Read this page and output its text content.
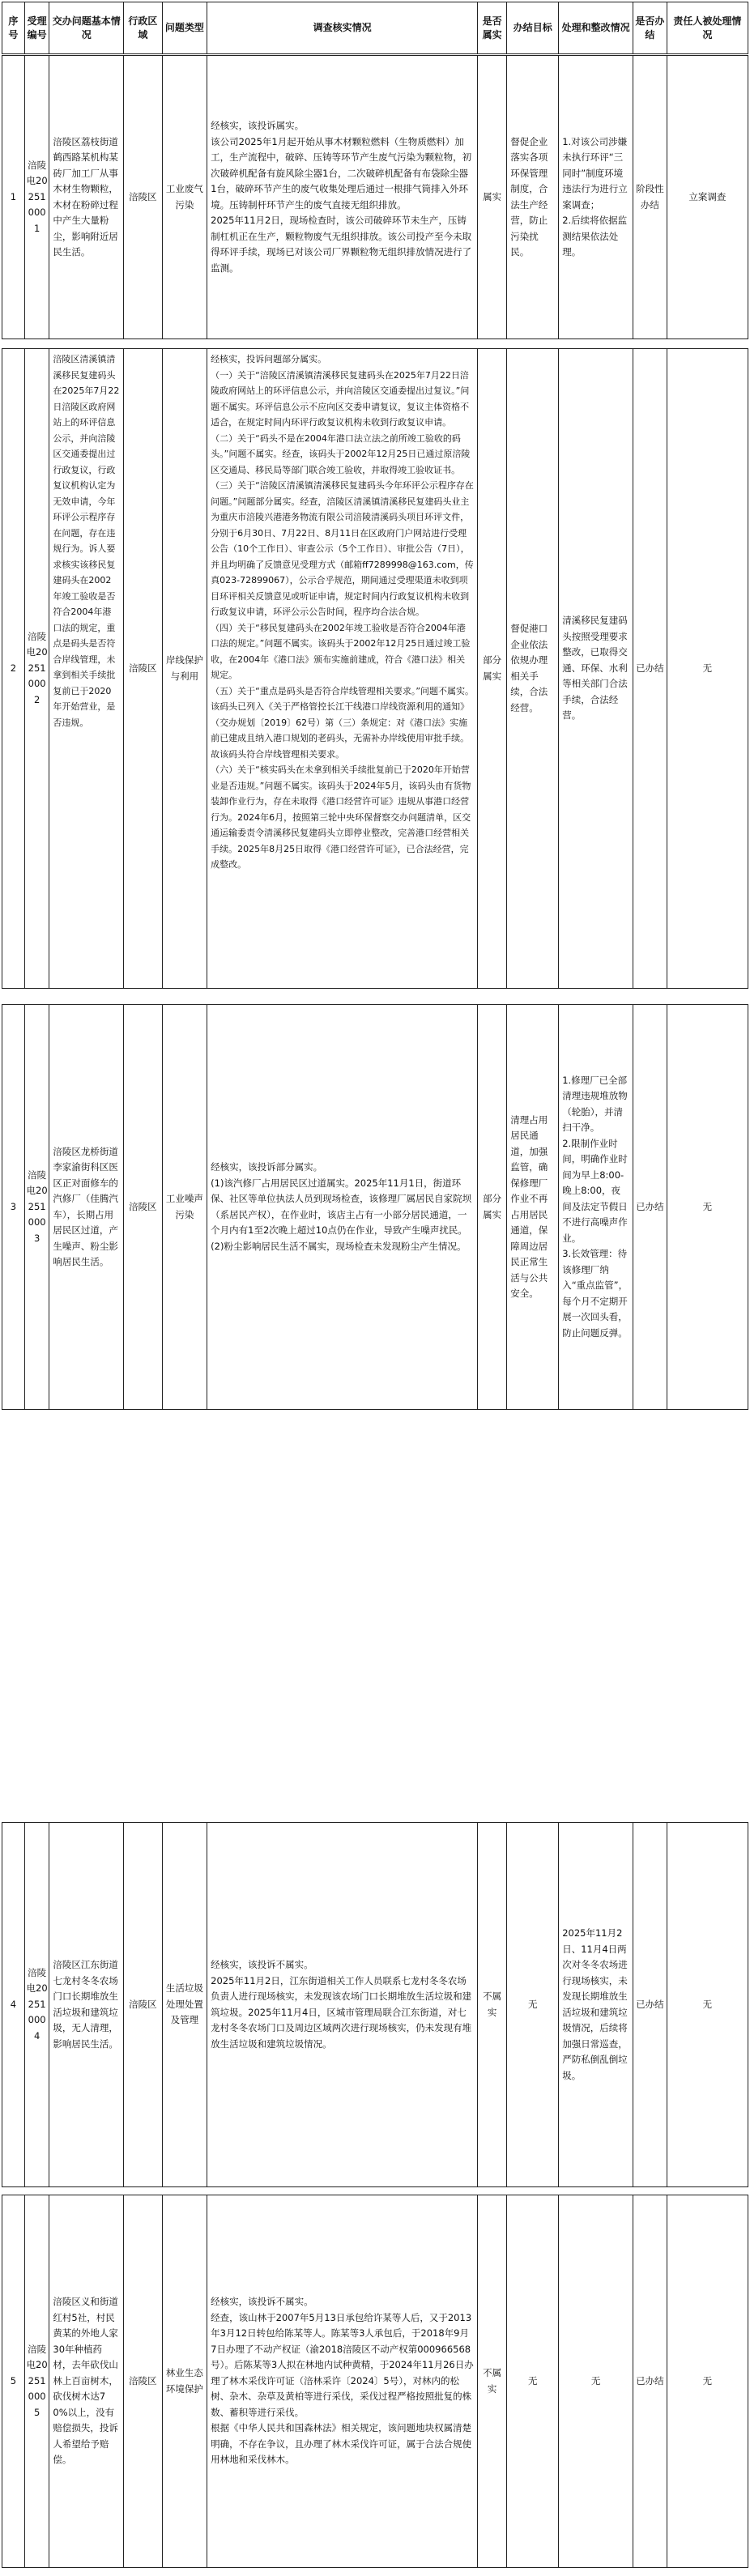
序号	受理编号	交办问题基本情况	行政区域	问题类型	调查核实情况	是否属实	办结目标	处理和整改情况	是否办结	责任人被处理情况
1	涪陵电20251000 1	涪陵区荔枝街道鹤西路某机构某砖厂加工厂从事木材生物颗粒，木材在粉碎过程中产生大量粉尘，影响附近居民生活。	涪陵区	工业废气污染	经核实，该投诉属实。
该公司2025年1月起开始从事木材颗粒燃料（生物质燃料）加工，生产流程中，破碎、压铸等环节产生废气污染为颗粒物，初次破碎机配备有旋风除尘器1台，二次破碎机配备有布袋除尘器1台，破碎环节产生的废气收集处理后通过一根排气筒排入外环境。压铸制杆环节产生的废气直接无组织排放。
2025年11月2日，现场检查时，该公司破碎环节未生产，压铸制杠机正在生产，颗粒物废气无组织排放。该公司投产至今未取得环评手续，现场已对该公司厂界颗粒物无组织排放情况进行了监测。	属实	督促企业落实各项环保管理制度，合法生产经营，防止污染扰民。	1.对该公司涉嫌未执行环评“三同时”制度环境违法行为进行立案调查；
2.后续将依据监测结果依法处理。	阶段性办结	立案调查
2	涪陵电20251000 2	涪陵区清溪镇清溪移民复建码头在2025年7月22日涪陵区政府网站上的环评信息公示，并向涪陵区交通委提出过行政复议，行政复议机构认定为无效申请，今年环评公示程序存在问题，存在违规行为。诉人要求核实该移民复建码头在2002年竣工验收是否符合2004年港口法的规定，重点是码头是否符合岸线管理，未拿到相关手续批复前已于2020年开始营业，是否违规。	涪陵区	岸线保护与利用	经核实，投诉问题部分属实。
（一）关于“涪陵区清溪镇清溪移民复建码头在2025年7月22日涪陵政府网站上的环评信息公示，并向涪陵区交通委提出过复议。”问题不属实。环评信息公示不应向区交委申请复议，复议主体资格不适合，在规定时间内环评行政复议机构未收到行政复议申请。
（二）关于“码头不是在2004年港口法立法之前所竣工验收的码头。”问题不属实。经查，该码头于2002年12月25日已通过原涪陵区交通局、移民局等部门联合竣工验收，并取得竣工验收证书。
（三）关于“涪陵区清溪镇清溪移民复建码头今年环评公示程序存在问题。”问题部分属实。经查，涪陵区清溪镇清溪移民复建码头业主为重庆市涪陵兴港港务物流有限公司涪陵清溪码头项目环评文件，分别于6月30日、7月22日、8月11日在区政府门户网站进行受理公告（10个工作日）、审查公示（5个工作日）、审批公告（7日），并且均明确了反馈意见受理方式（邮箱ff7289998@163.com，传真023-72899067），公示合乎规范，期间通过受理渠道未收到项目环评相关反馈意见或听证申请，规定时间内行政复议机构未收到行政复议申请，环评公示公告时间，程序均合法合规。
（四）关于“移民复建码头在2002年竣工验收是否符合2004年港口法的规定。”问题不属实。该码头于2002年12月25日通过竣工验收，在2004年《港口法》颁布实施前建成，符合《港口法》相关规定。
（五）关于“重点是码头是否符合岸线管理相关要求。”问题不属实。该码头已列入《关于严格管控长江干线港口岸线资源利用的通知》（交办规划〔2019〕62号）第（三）条规定：对《港口法》实施前已建成且纳入港口规划的老码头，无需补办岸线使用审批手续。故该码头符合岸线管理相关要求。
（六）关于“核实码头在未拿到相关手续批复前已于2020年开始营业是否违规。”问题不属实。该码头于2024年5月，该码头由有货物装卸作业行为，存在未取得《港口经营许可证》违规从事港口经营行为。2024年6月，按照第三轮中央环保督察交办问题清单，区交通运输委责令清溪移民复建码头立即停业整改，完善港口经营相关手续。2025年8月25日取得《港口经营许可证》，已合法经营，完成整改。	部分属实	督促港口企业依法依规办理相关手续，合法经营。	清溪移民复建码头按照受理要求整改，已取得交通、环保、水利等相关部门合法手续，合法经营。	已办结	无
3	涪陵电20251000 3	涪陵区龙桥街道李家渝街科区医区正对面修车的汽修厂（佳腾汽车），长期占用居民区过道，产生噪声、粉尘影响居民生活。	涪陵区	工业噪声污染	经核实，该投诉部分属实。
(1)该汽修厂占用居民区过道属实。2025年11月1日，街道环保、社区等单位执法人员到现场检查，该修理厂属居民自家院坝（系居民产权），在作业时，该店主占有一小部分居民通道，一个月内有1至2次晚上超过10点仍在作业，导致产生噪声扰民。
(2)粉尘影响居民生活不属实，现场检查未发现粉尘产生情况。	部分属实	清理占用居民通道，加强监管，确保修理厂作业不再占用居民通道，保障周边居民正常生活与公共安全。	1.修理厂已全部清理违规堆放物（轮胎），并清扫干净。
2.限制作业时间，明确作业时间为早上8:00-晚上8:00，夜间及法定节假日不进行高噪声作业。
3.长效管理：待该修理厂纳入“重点监管”，每个月不定期开展一次回头看，防止问题反弹。	已办结	无
4	涪陵电20251000 4	涪陵区江东街道七龙村冬冬农场门口长期堆放生活垃圾和建筑垃圾，无人清理，影响居民生活。	涪陵区	生活垃圾处理处置及管理	经核实，该投诉不属实。
2025年11月2日，江东街道相关工作人员联系七龙村冬冬农场负责人进行现场核实，未发现该农场门口长期堆放生活垃圾和建筑垃圾。2025年11月4日，区城市管理局联合江东街道，对七龙村冬冬农场门口及周边区域两次进行现场核实，仍未发现有堆放生活垃圾和建筑垃圾情况。	不属实	无	2025年11月2日、11月4日两次对冬冬农场进行现场核实，未发现长期堆放生活垃圾和建筑垃圾情况，后续将加强日常巡查，严防私倒乱倒垃圾。	已办结	无
5	涪陵电20251000 5	涪陵区义和街道红村5社，村民黄某的外地人家30年种植药材，去年砍伐山林上百亩树木，砍伐树木达70%以上，没有赔偿损失，投诉人希望给予赔偿。	涪陵区	林业生态环境保护	经核实，该投诉不属实。
经查，该山林于2007年5月13日承包给许某等人后，又于2013年3月12日转包给陈某等人。陈某等3人承包后，于2018年9月7日办理了不动产权证（渝2018涪陵区不动产权第000966568号）。后陈某等3人拟在林地内试种黄精，于2024年11月26日办理了林木采伐许可证（涪林采许〔2024〕5号），对林内的松树、杂木、杂草及黄柏等进行采伐，采伐过程严格按照批复的株数、蓄积等进行采伐。
根据《中华人民共和国森林法》相关规定，该问题地块权属清楚明确，不存在争议，且办理了林木采伐许可证，属于合法合规使用林地和采伐林木。	不属实	无	无	已办结	无
